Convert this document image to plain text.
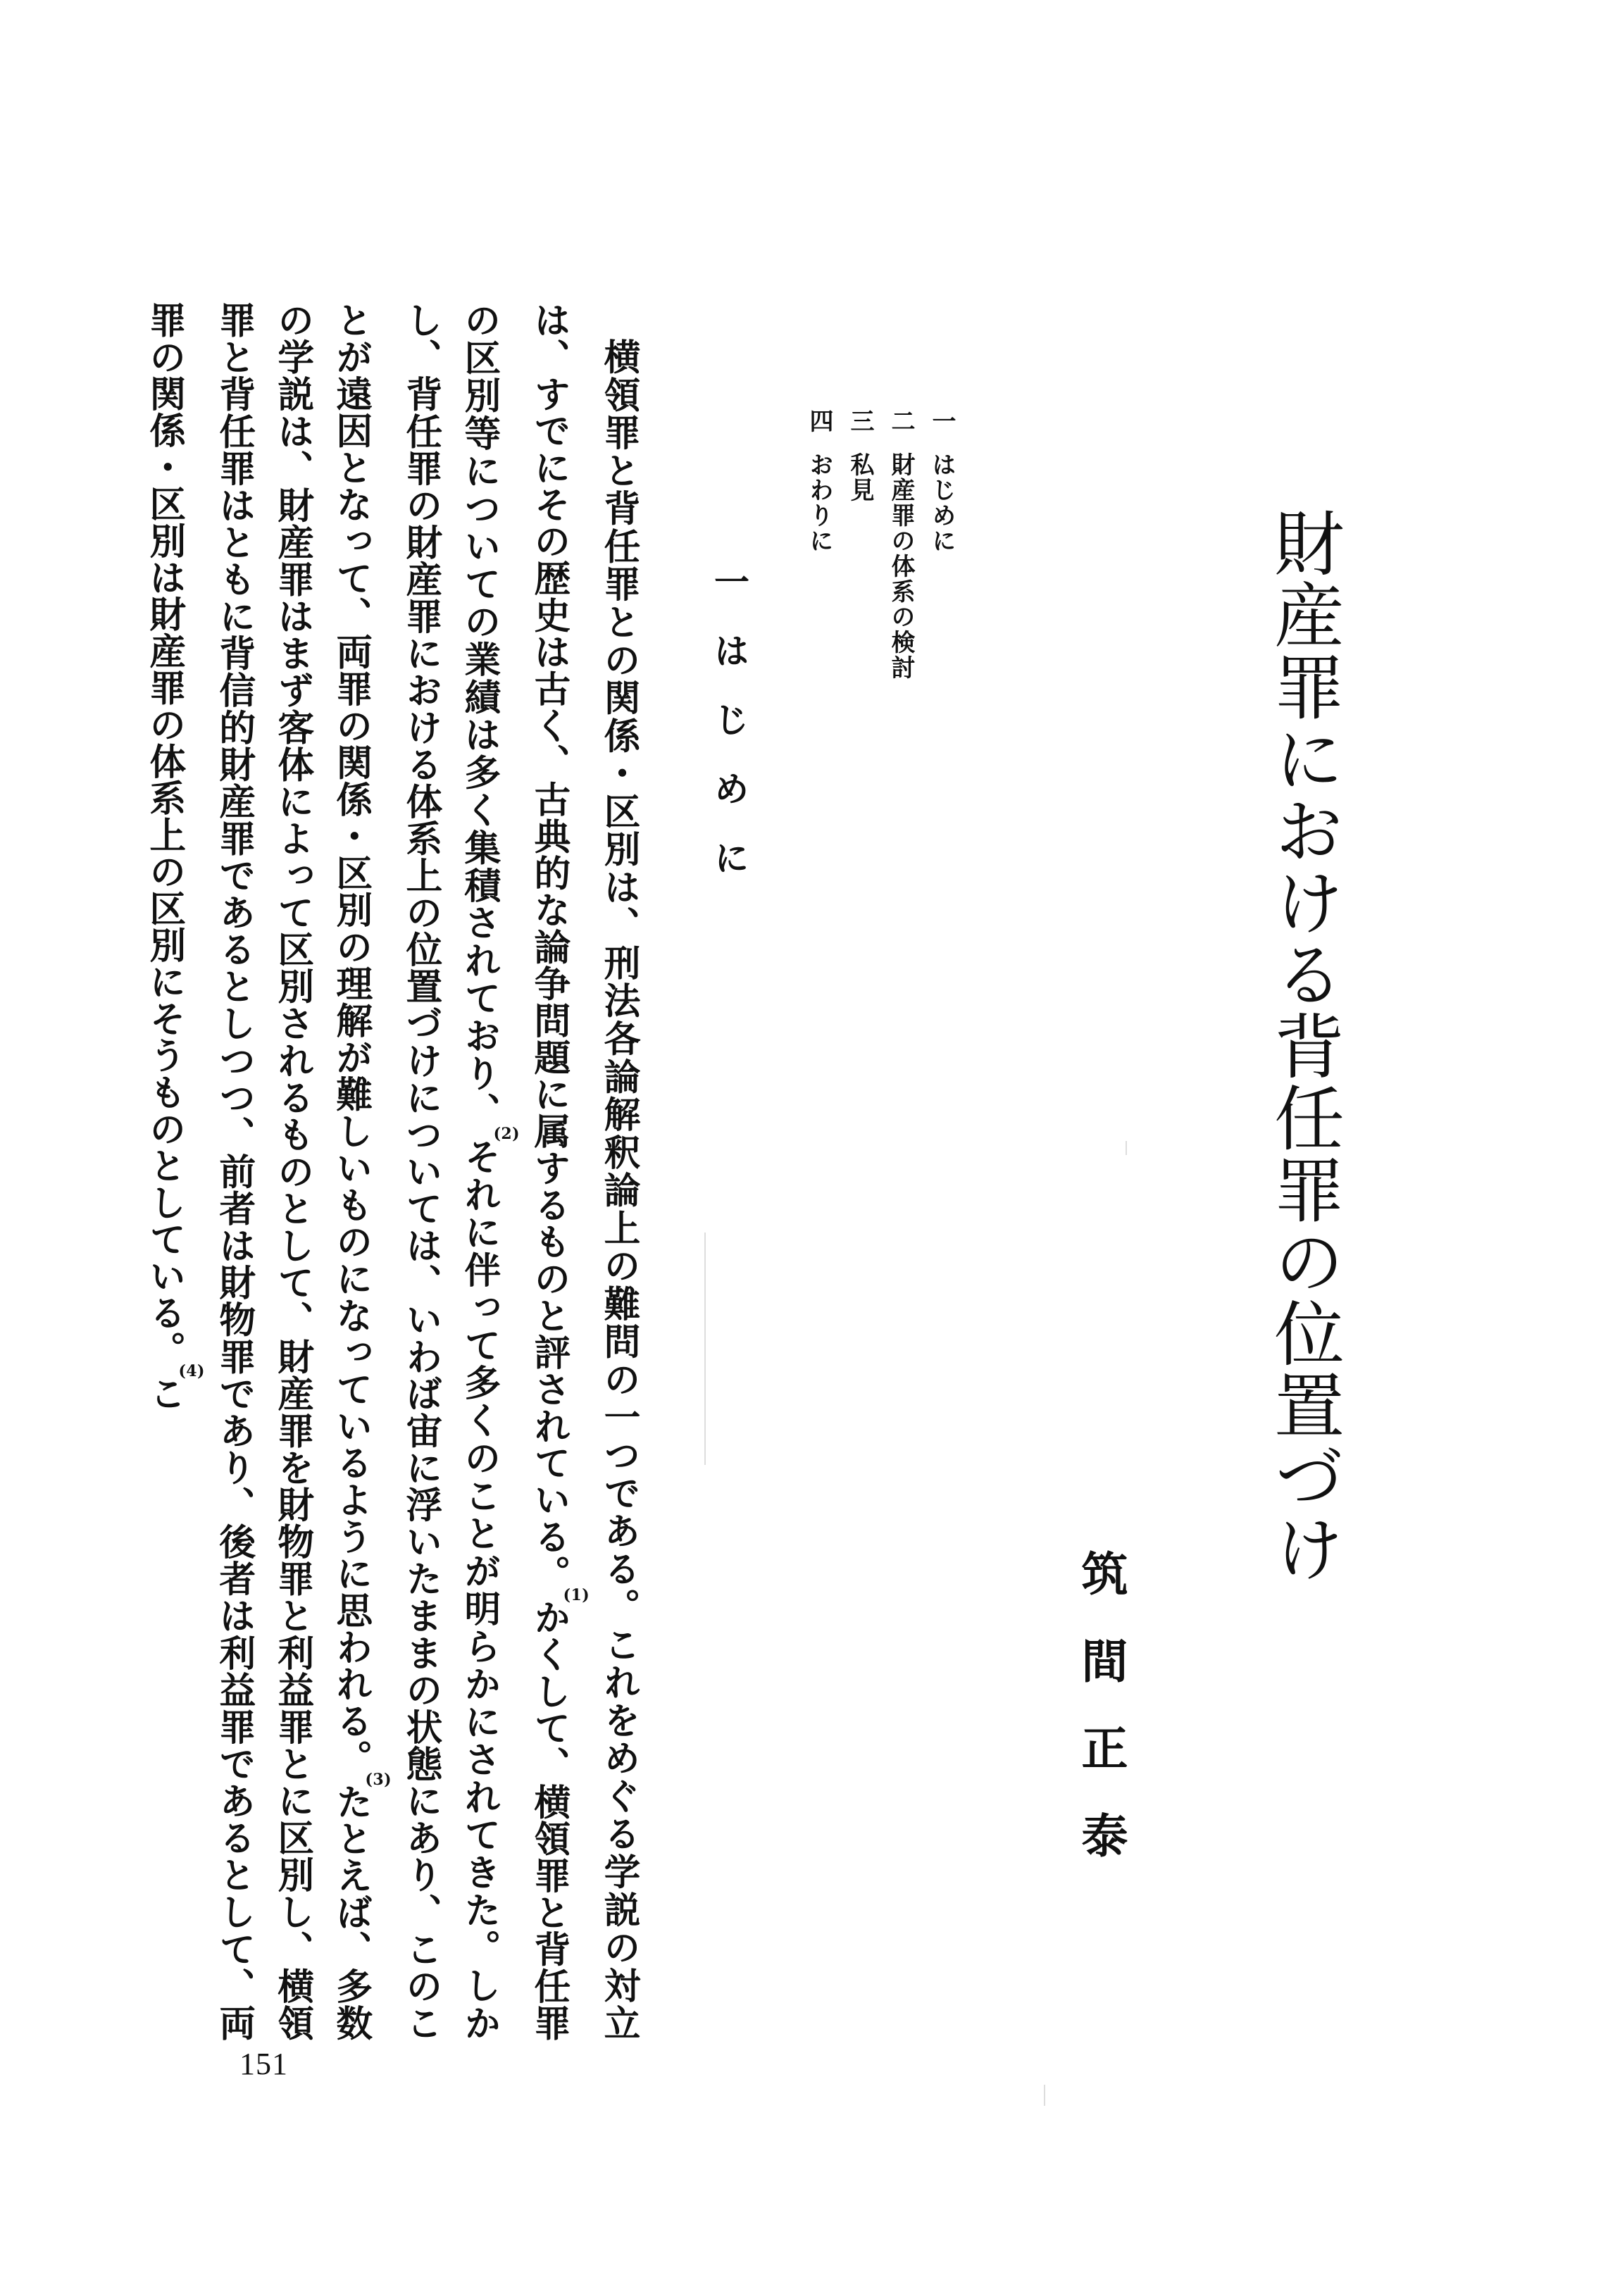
財産罪における背任罪の位置づけ
筑間正泰
一はじめに
二財産罪の体系の検討
三私見
四おわりに
一はじめに

横領罪と背任罪との関係・区別は、刑法各論解釈論上の難問の一つである。これをめぐる学説の対立は、すでにその歴史は古く、古典的な論争問題に属するものと評されている。(1)かくして、横領罪と背任罪の区別等についての業績は多く集積されており、(2)それに伴って多くのことが明らかにされてきた。しかし、背任罪の財産罪における体系上の位置づけについては、いわば宙に浮いたままの状態にあり、このことが遠因となって、両罪の関係・区別の理解が難しいものになっているように思われる。(3)たとえば、多数の学説は、財産罪はまず客体によって区別されるものとして、財産罪を財物罪と利益罪とに区別し、横領罪と背任罪はともに背信的財産罪であるとしつつ、前者は財物罪であり、後者は利益罪であるとして、両罪の関係・区別は財産罪の体系上の区別にそうものとしている。(4)こ

151
